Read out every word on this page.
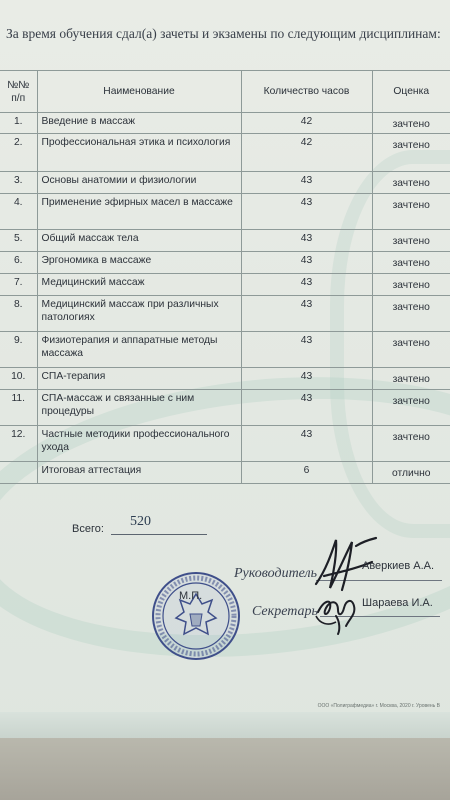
За время обучения сдал(а) зачеты и экзамены по следующим дисциплинам:
№№ п/п	Наименование	Количество часов	Оценка
1.	Введение в массаж	42	зачтено
2.	Профессиональная этика и психология	42	зачтено
3.	Основы анатомии и физиологии	43	зачтено
4.	Применение эфирных масел в массаже	43	зачтено
5.	Общий массаж тела	43	зачтено
6.	Эргономика в массаже	43	зачтено
7.	Медицинский массаж	43	зачтено
8.	Медицинский массаж при различных патологиях	43	зачтено
9.	Физиотерапия и аппаратные методы массажа	43	зачтено
10.	СПА-терапия	43	зачтено
11.	СПА-массаж и связанные с ним процедуры	43	зачтено
12.	Частные методики профессионального ухода	43	зачтено
	Итоговая аттестация	6	отлично
Всего: 520
Руководитель	Аверкиев А.А.
Секретарь
Шараева И.А.
М.П.
ООО «Полиграфмедиа» г. Москва, 2020 г. Уровень В
